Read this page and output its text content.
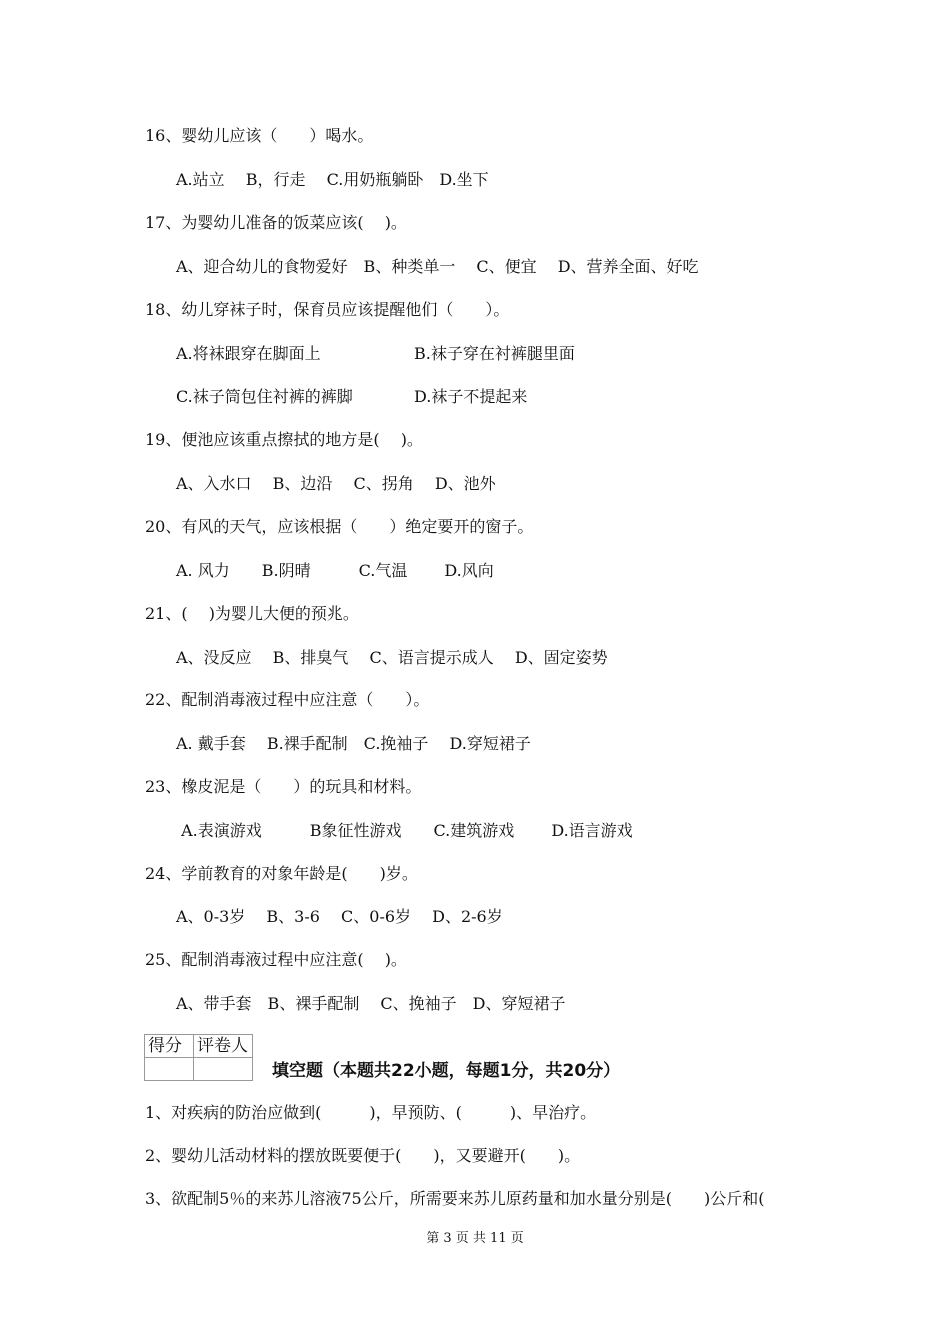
16、婴幼儿应该（　　）喝水。
A.站立　 B，行走　 C.用奶瓶躺卧　D.坐下
17、为婴幼儿准备的饭菜应该(　 )。
A、迎合幼儿的食物爱好　B、种类单一　 C、便宜　 D、营养全面、好吃
18、幼儿穿袜子时，保育员应该提醒他们（　　）。
A.将袜跟穿在脚面上	B.袜子穿在衬裤腿里面
C.袜子筒包住衬裤的裤脚	D.袜子不提起来
19、便池应该重点擦拭的地方是(　 )。
A、入水口　 B、边沿　 C、拐角　 D、池外
20、有风的天气，应该根据（　　）绝定要开的窗子。
A. 风力　　B.阴晴　　　C.气温　　 D.风向
21、(　 )为婴儿大便的预兆。
A、没反应　 B、排臭气　 C、语言提示成人　 D、固定姿势
22、配制消毒液过程中应注意（　　）。
A. 戴手套　 B.裸手配制　C.挽袖子　 D.穿短裙子
23、橡皮泥是（　　）的玩具和材料。
A.表演游戏　　　B象征性游戏　　C.建筑游戏　　 D.语言游戏
24、学前教育的对象年龄是(　　)岁。
A、0-3岁　 B、3-6　 C、0-6岁　 D、2-6岁
25、配制消毒液过程中应注意(　 )。
A、带手套　B、裸手配制　 C、挽袖子　D、穿短裙子
得分	评卷人

填空题（本题共22小题，每题1分，共20分）
1、对疾病的防治应做到(　　　)，早预防、(　　　)、早治疗。
2、婴幼儿活动材料的摆放既要便于(　　)，又要避开(　　)。
3、欲配制5％的来苏儿溶液75公斤，所需要来苏儿原药量和加水量分别是(　　)公斤和(
第 3 页 共 11 页
